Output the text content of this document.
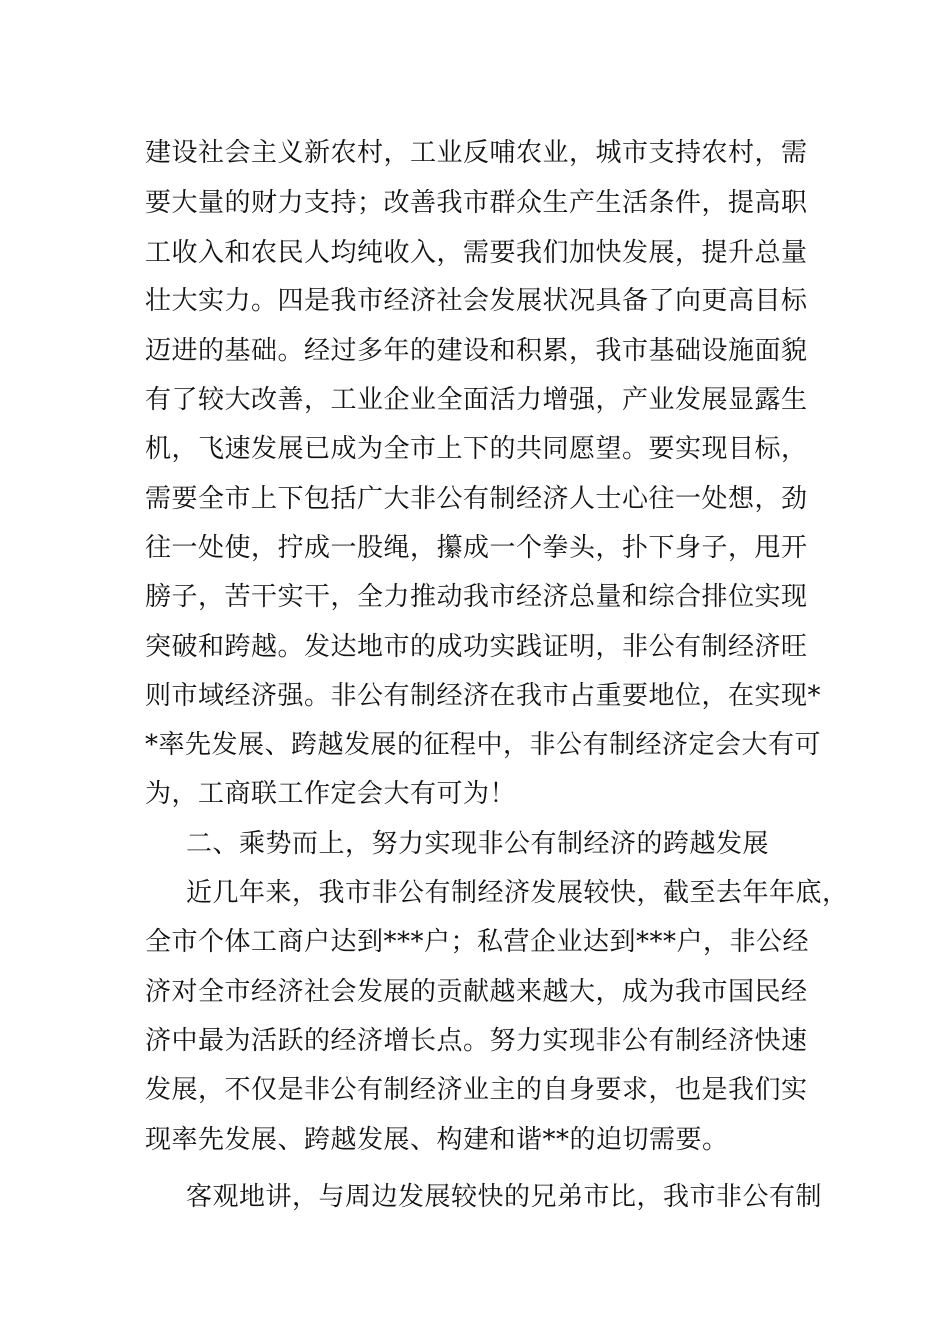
建设社会主义新农村，工业反哺农业，城市支持农村，需
要大量的财力支持；改善我市群众生产生活条件，提高职
工收入和农民人均纯收入，需要我们加快发展，提升总量
壮大实力。四是我市经济社会发展状况具备了向更高目标
迈进的基础。经过多年的建设和积累，我市基础设施面貌
有了较大改善，工业企业全面活力增强，产业发展显露生
机，飞速发展已成为全市上下的共同愿望。要实现目标，
需要全市上下包括广大非公有制经济人士心往一处想，劲
往一处使，拧成一股绳，攥成一个拳头，扑下身子，甩开
膀子，苦干实干，全力推动我市经济总量和综合排位实现
突破和跨越。发达地市的成功实践证明，非公有制经济旺
则市域经济强。非公有制经济在我市占重要地位，在实现*
*率先发展、跨越发展的征程中，非公有制经济定会大有可
为，工商联工作定会大有可为！
二、乘势而上，努力实现非公有制经济的跨越发展
近几年来，我市非公有制经济发展较快，截至去年年底，
全市个体工商户达到***户；私营企业达到***户，非公经
济对全市经济社会发展的贡献越来越大，成为我市国民经
济中最为活跃的经济增长点。努力实现非公有制经济快速
发展，不仅是非公有制经济业主的自身要求，也是我们实
现率先发展、跨越发展、构建和谐**的迫切需要。
客观地讲，与周边发展较快的兄弟市比，我市非公有制
